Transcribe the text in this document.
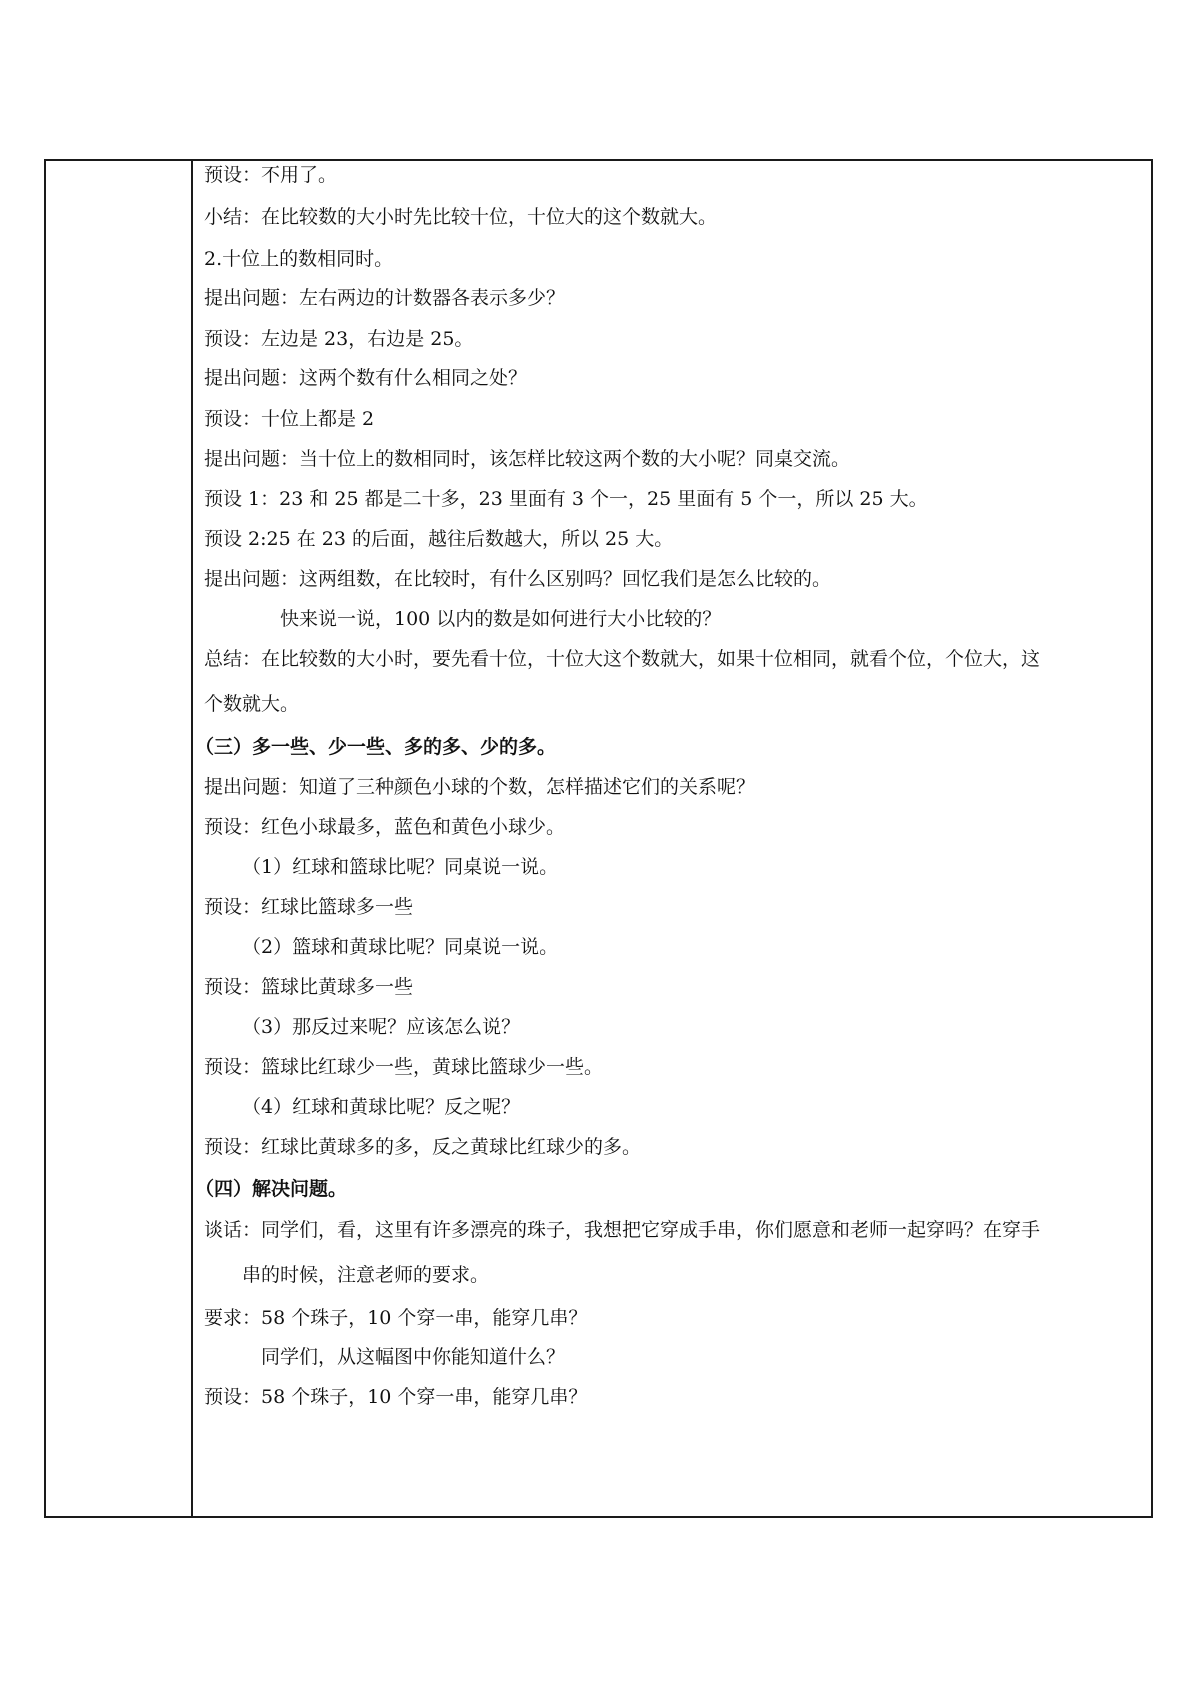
预设：不用了。
小结：在比较数的大小时先比较十位，十位大的这个数就大。
2.十位上的数相同时。
提出问题：左右两边的计数器各表示多少？
预设：左边是 23，右边是 25。
提出问题：这两个数有什么相同之处？
预设：十位上都是 2
提出问题：当十位上的数相同时，该怎样比较这两个数的大小呢？同桌交流。
预设 1：23 和 25 都是二十多，23 里面有 3 个一，25 里面有 5 个一，所以 25 大。
预设 2:25 在 23 的后面，越往后数越大，所以 25 大。
提出问题：这两组数，在比较时，有什么区别吗？回忆我们是怎么比较的。
快来说一说，100 以内的数是如何进行大小比较的？
总结：在比较数的大小时，要先看十位，十位大这个数就大，如果十位相同，就看个位，个位大，这
个数就大。
（三）多一些、少一些、多的多、少的多。
提出问题：知道了三种颜色小球的个数，怎样描述它们的关系呢？
预设：红色小球最多，蓝色和黄色小球少。
（1）红球和篮球比呢？同桌说一说。
预设：红球比篮球多一些
（2）篮球和黄球比呢？同桌说一说。
预设：篮球比黄球多一些
（3）那反过来呢？应该怎么说？
预设：篮球比红球少一些，黄球比篮球少一些。
（4）红球和黄球比呢？反之呢？
预设：红球比黄球多的多，反之黄球比红球少的多。
（四）解决问题。
谈话：同学们，看，这里有许多漂亮的珠子，我想把它穿成手串，你们愿意和老师一起穿吗？在穿手
串的时候，注意老师的要求。
要求：58 个珠子，10 个穿一串，能穿几串？
同学们，从这幅图中你能知道什么？
预设：58 个珠子，10 个穿一串，能穿几串？
